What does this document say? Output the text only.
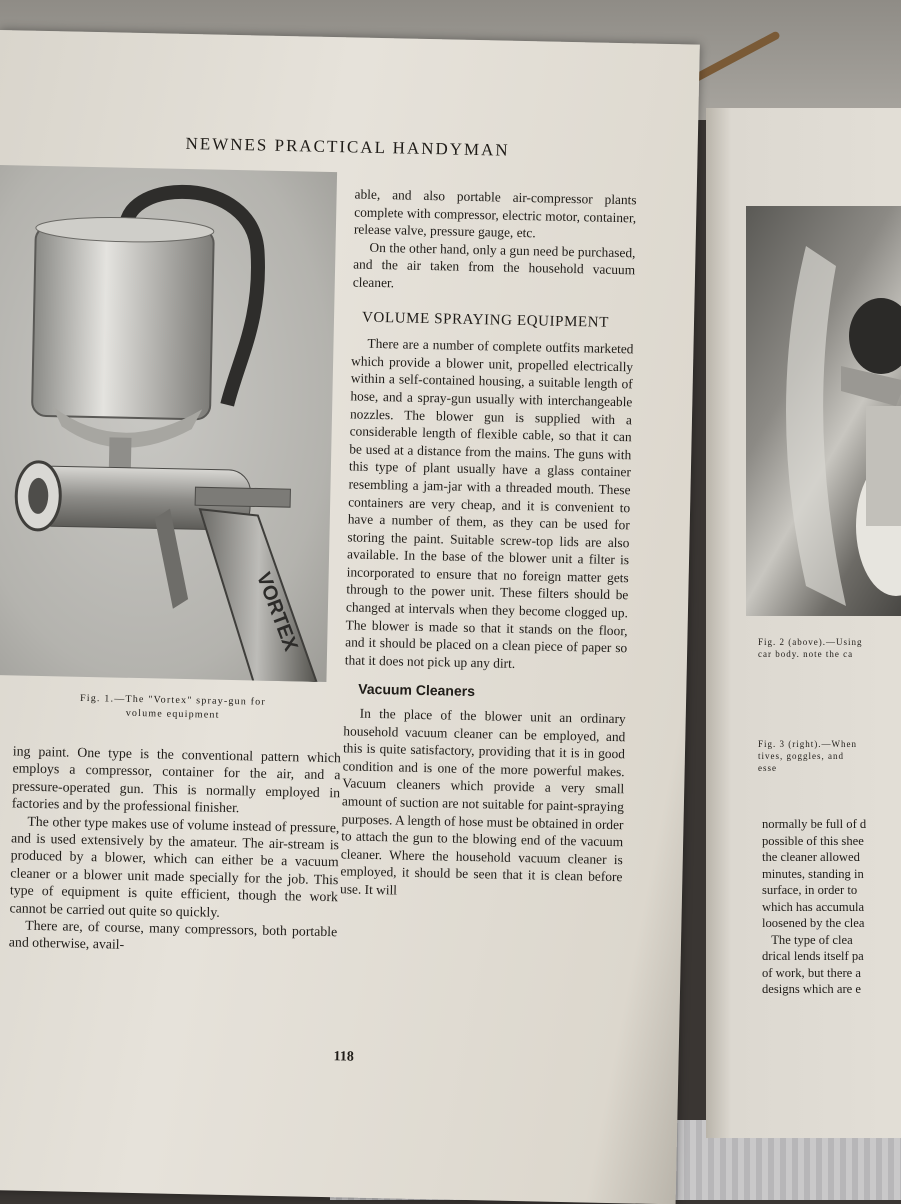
NEWNES PRACTICAL HANDYMAN
VORTEX
Fig. 1.—The "Vortex" spray-gun for
volume equipment

able, and also portable air-compressor plants complete with compressor, electric motor, container, release valve, pressure gauge, etc.

On the other hand, only a gun need be purchased, and the air taken from the household vacuum cleaner.

VOLUME SPRAYING EQUIPMENT

There are a number of complete outfits marketed which provide a blower unit, propelled electrically within a self-contained housing, a suitable length of hose, and a spray-gun usually with interchangeable nozzles. The blower gun is supplied with a considerable length of flexible cable, so that it can be used at a distance from the mains. The guns with this type of plant usually have a glass container resembling a jam-jar with a threaded mouth. These containers are very cheap, and it is convenient to have a number of them, as they can be used for storing the paint. Suitable screw-top lids are also available. In the base of the blower unit a filter is incorporated to ensure that no foreign matter gets through to the power unit. These filters should be changed at intervals when they become clogged up. The blower is made so that it stands on the floor, and it should be placed on a clean piece of paper so that it does not pick up any dirt.

Vacuum Cleaners

In the place of the blower unit an ordinary household vacuum cleaner can be employed, and this is quite satisfactory, providing that it is in good condition and is one of the more powerful makes. Vacuum cleaners which provide a very small amount of suction are not suitable for paint-spraying purposes. A length of hose must be obtained in order to attach the gun to the blowing end of the vacuum cleaner. Where the household vacuum cleaner is employed, it should be seen that it is clean before use. It will

ing paint. One type is the conventional pattern which employs a compressor, container for the air, and a pressure-operated gun. This is normally employed in factories and by the professional finisher.

The other type makes use of volume instead of pressure, and is used extensively by the amateur. The air-stream is produced by a blower, which can either be a vacuum cleaner or a blower unit made specially for the job. This type of equipment is quite efficient, though the work cannot be carried out quite so quickly.

There are, of course, many compressors, both portable and otherwise, avail-

118
Fig. 2 (above).—Using
car body. note the ca
Fig. 3 (right).—When
tives, goggles, and
esse
normally be full of d
possible of this shee
the cleaner allowed
minutes, standing in
surface, in order to
which has accumula
loosened by the clea
The type of clea
drical lends itself pa
of work, but there a
designs which are e
